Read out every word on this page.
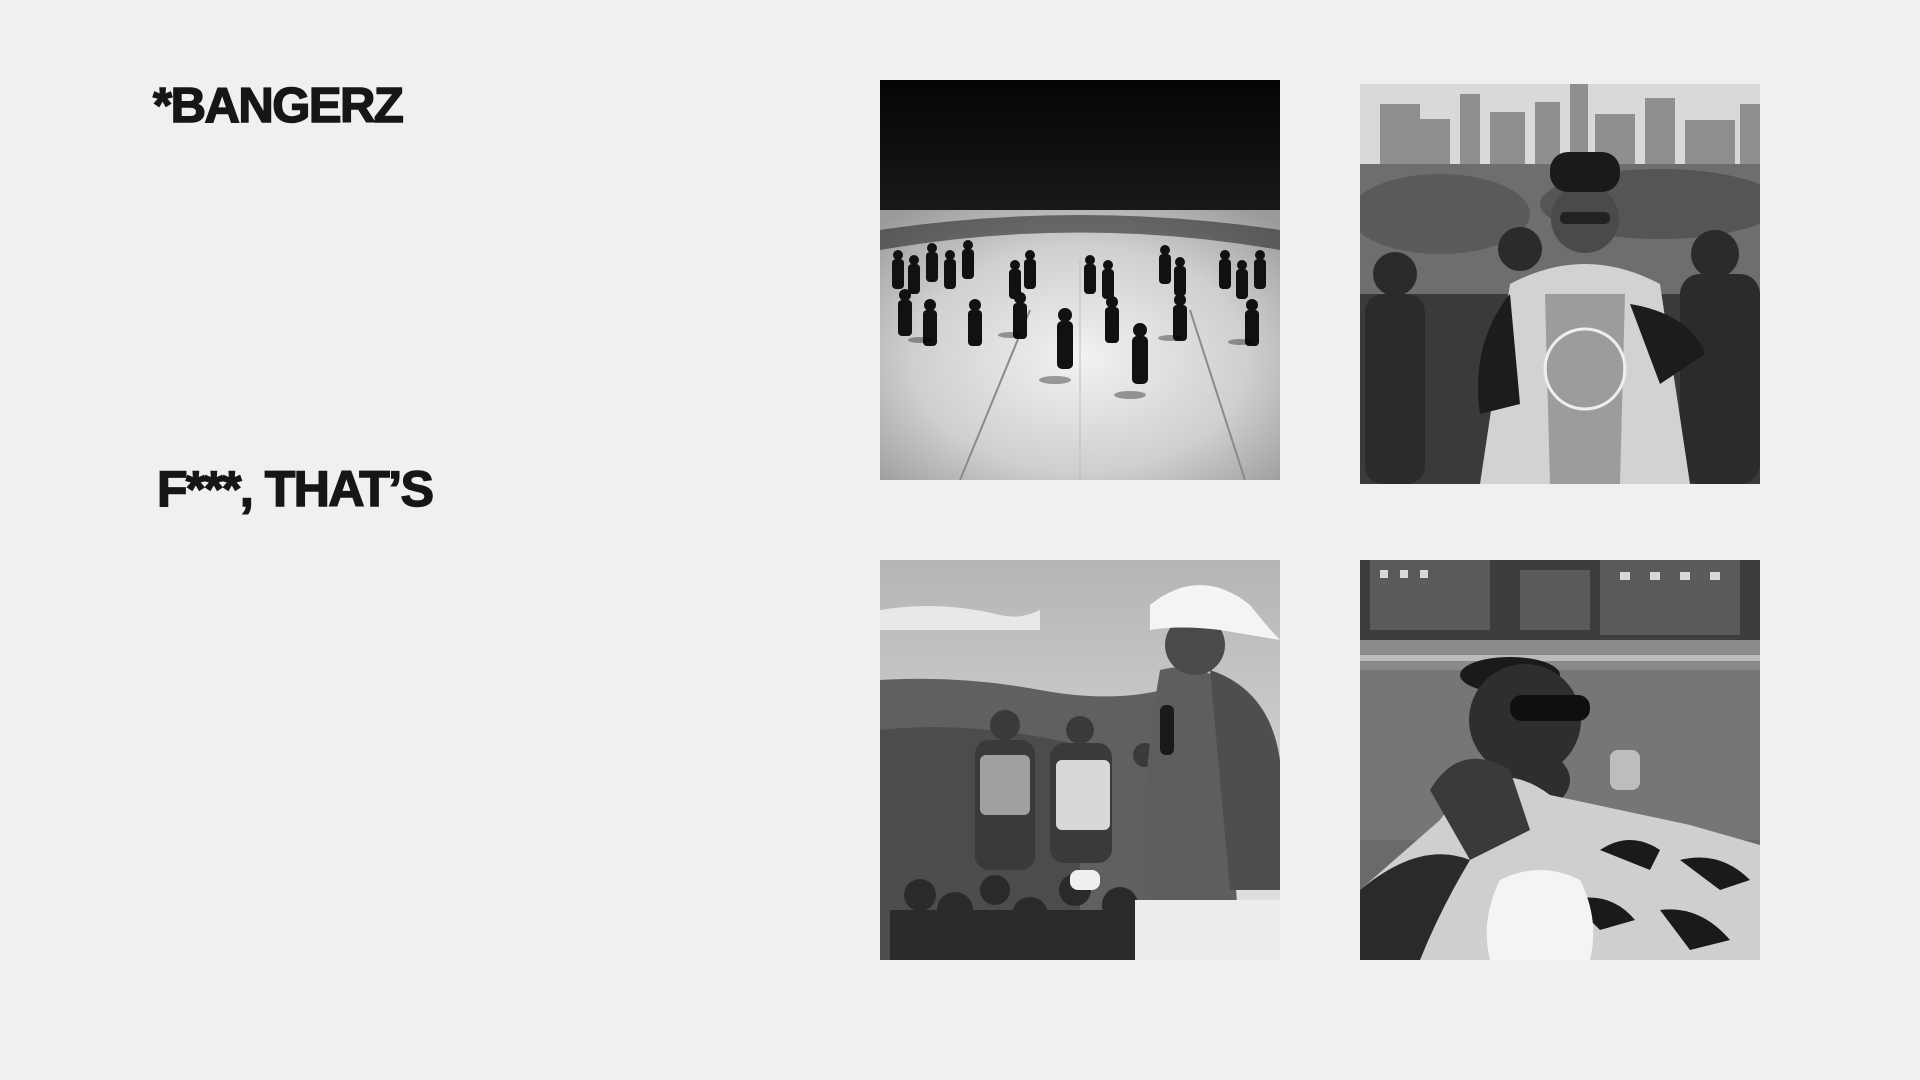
*BANGERZ
F***, THAT’S
